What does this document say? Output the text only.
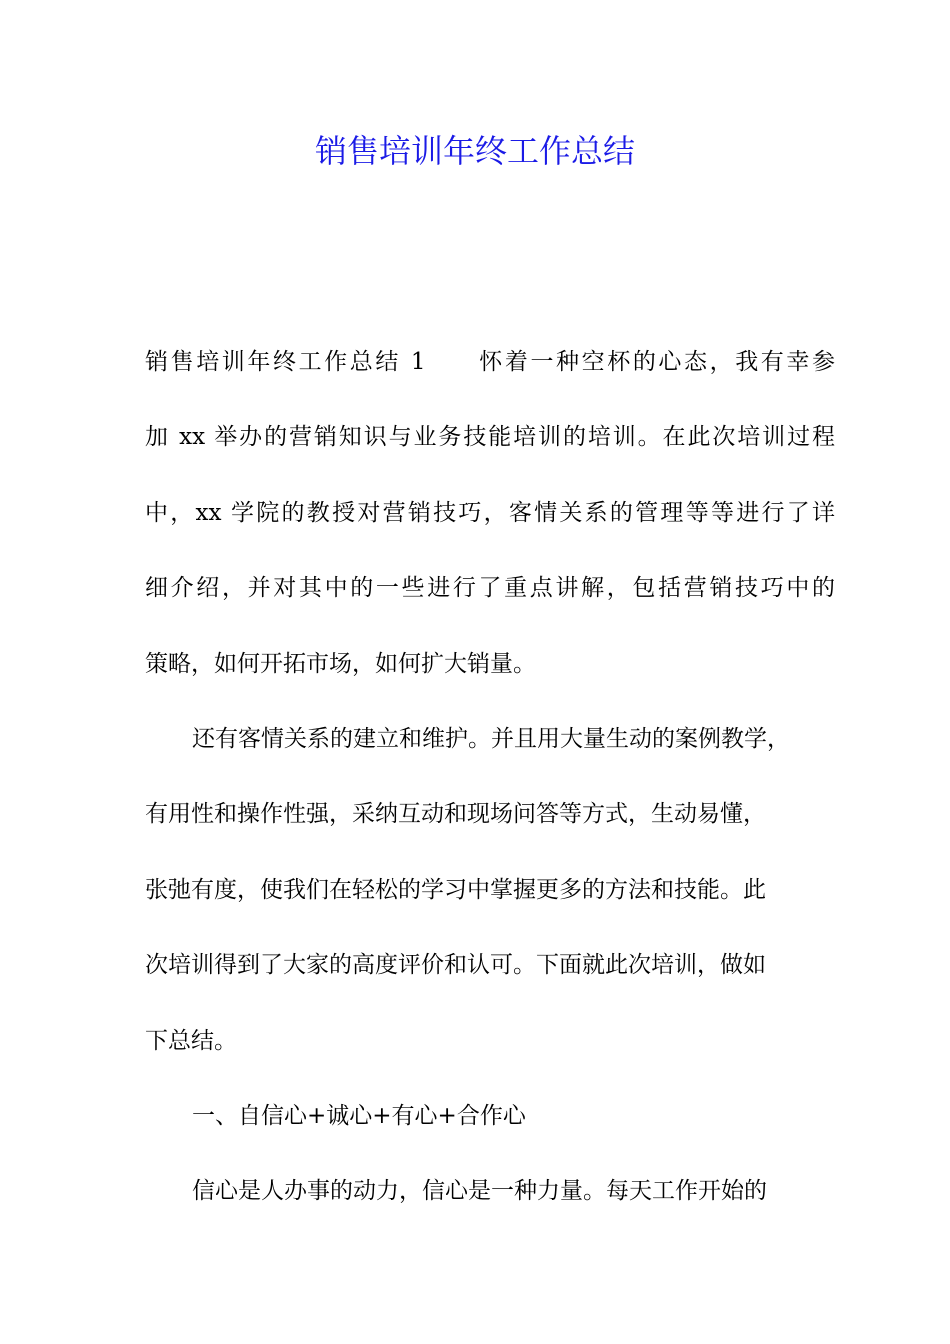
销售培训年终工作总结
销售培训年终工作总结 1　　怀着一种空杯的心态，我有幸参
加 xx 举办的营销知识与业务技能培训的培训。在此次培训过程
中，xx 学院的教授对营销技巧，客情关系的管理等等进行了详
细介绍，并对其中的一些进行了重点讲解，包括营销技巧中的
策略，如何开拓市场，如何扩大销量。
还有客情关系的建立和维护。并且用大量生动的案例教学，
有用性和操作性强，采纳互动和现场问答等方式，生动易懂，
张弛有度，使我们在轻松的学习中掌握更多的方法和技能。此
次培训得到了大家的高度评价和认可。下面就此次培训，做如
下总结。
一、自信心+诚心+有心+合作心
信心是人办事的动力，信心是一种力量。每天工作开始的
